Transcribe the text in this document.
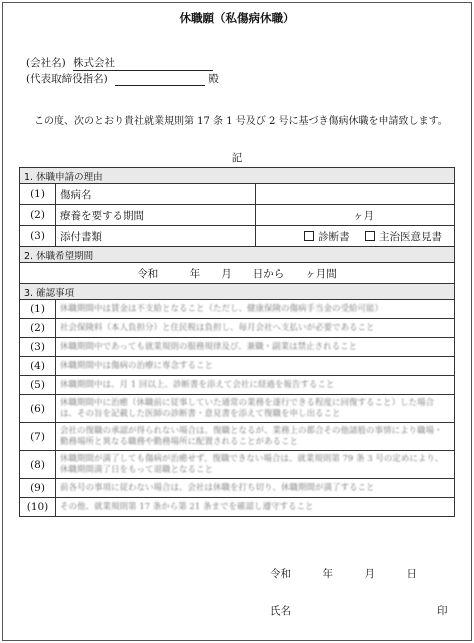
休職願（私傷病休職）
(会社名) 株式会社
(代表取締役指名)	殿
この度、次のとおり貴社就業規則第 17 条 1 号及び 2 号に基づき傷病休職を申請致します。
記
1. 休職申請の理由		
(1)	傷病名	
(2)	療養を要する期間	ヶ月
(3)	添付書類	診断書 主治医意見書
2. 休職希望期間		
令和　　　年　　月　　日から　　ヶ月間		
3. 確認事項		
(1)	休職期間中は賃金は不支給となること（ただし、健康保険の傷病手当金の受給可能）	
(2)	社会保険料（本人負担分）と住民税は負担し、毎月会社へ支払いが必要であること	
(3)	休職期間中であっても就業規則の服務規律及び、兼職・副業は禁止されること	
(4)	休職期間中は傷病の治療に専念すること	
(5)	休職期間中は、月 1 回以上、診断書を添えて会社に経過を報告すること	
(6)	休職期間中に治癒（休職前に従事していた通常の業務を遂行できる程度に回復すること）した場合は、その旨を記載した医師の診断書・意見書を添えて復職を申し出ること	
(7)	会社の復職の承認が得られない場合は、復職となるが、業務上の都合その他諸般の事情により職場・勤務場所と異なる職務や勤務場所に配置されることがあること	
(8)	休職期間が満了しても傷病が治癒せず、復職できない場合は、就業規則第 79 条 3 号の定めにより、休職期間満了日をもって退職となること	
(9)	前各号の事項に従わない場合は、会社は休職を打ち切り、休職期間が満了すること	
(10)	その他、就業規則第 17 条から第 21 条までを確認し遵守すること	
令和　　　年　　　月　　　日
氏名	印
